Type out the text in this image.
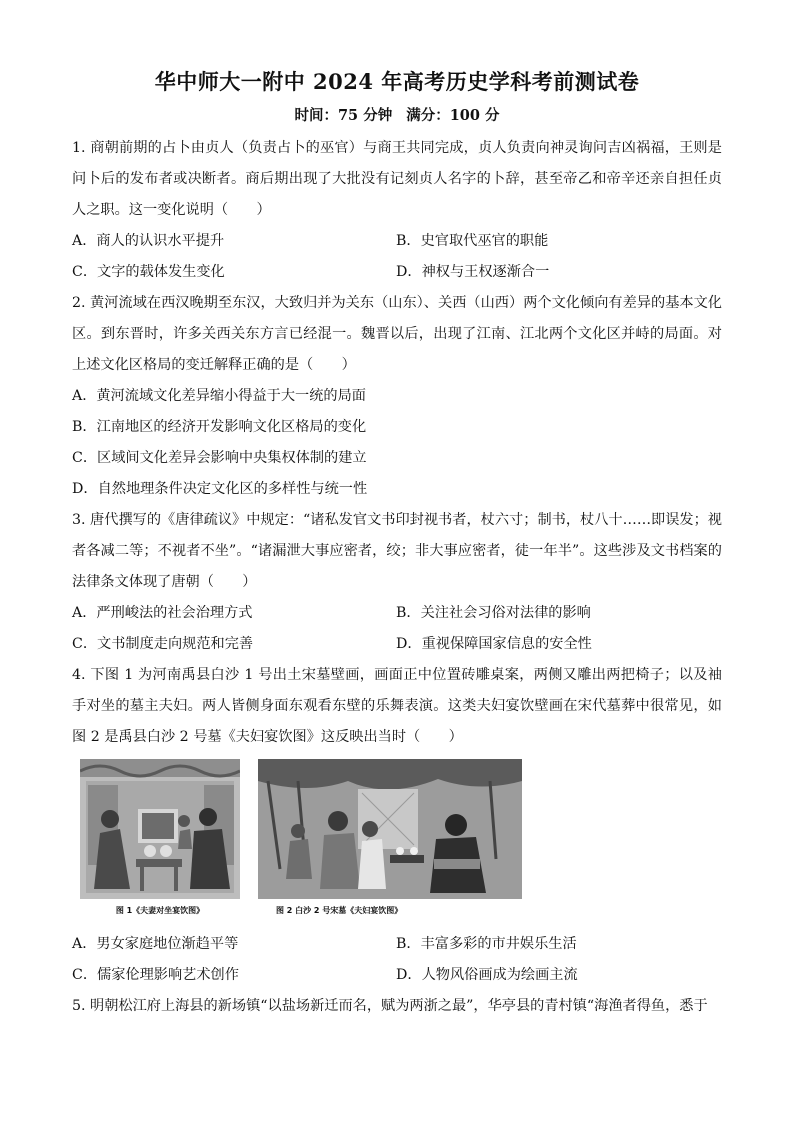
华中师大一附中 2024 年高考历史学科考前测试卷
时间：75 分钟 满分：100 分

1. 商朝前期的占卜由贞人（负责占卜的巫官）与商王共同完成，贞人负责向神灵询问吉凶祸福，王则是问卜后的发布者或决断者。商后期出现了大批没有记刻贞人名字的卜辞，甚至帝乙和帝辛还亲自担任贞人之职。这一变化说明（　　）

A．商人的认识水平提升	B．史官取代巫官的职能
C．文字的载体发生变化	D．神权与王权逐渐合一

2. 黄河流域在西汉晚期至东汉，大致归并为关东（山东）、关西（山西）两个文化倾向有差异的基本文化区。到东晋时，许多关西关东方言已经混一。魏晋以后，出现了江南、江北两个文化区并峙的局面。对上述文化区格局的变迁解释正确的是（　　）

A．黄河流域文化差异缩小得益于大一统的局面
B．江南地区的经济开发影响文化区格局的变化
C．区域间文化差异会影响中央集权体制的建立
D．自然地理条件决定文化区的多样性与统一性

3. 唐代撰写的《唐律疏议》中规定：“诸私发官文书印封视书者，杖六寸；制书，杖八十……即误发；视者各减二等；不视者不坐”。“诸漏泄大事应密者，绞；非大事应密者，徒一年半”。这些涉及文书档案的法律条文体现了唐朝（　　）

A．严刑峻法的社会治理方式	B．关注社会习俗对法律的影响
C．文书制度走向规范和完善	D．重视保障国家信息的安全性

4. 下图 1 为河南禹县白沙 1 号出土宋墓壁画，画面正中位置砖雕桌案，两侧又雕出两把椅子；以及袖手对坐的墓主夫妇。两人皆侧身面东观看东壁的乐舞表演。这类夫妇宴饮壁画在宋代墓葬中很常见，如图 2 是禹县白沙 2 号墓《夫妇宴饮图》这反映出当时（　　）

图 1《夫妻对坐宴饮图》	图 2 白沙 2 号宋墓《夫妇宴饮图》
A．男女家庭地位渐趋平等	B．丰富多彩的市井娱乐生活
C．儒家伦理影响艺术创作	D．人物风俗画成为绘画主流

5. 明朝松江府上海县的新场镇“以盐场新迁而名，赋为两浙之最”，华亭县的青村镇“海渔者得鱼，悉于
